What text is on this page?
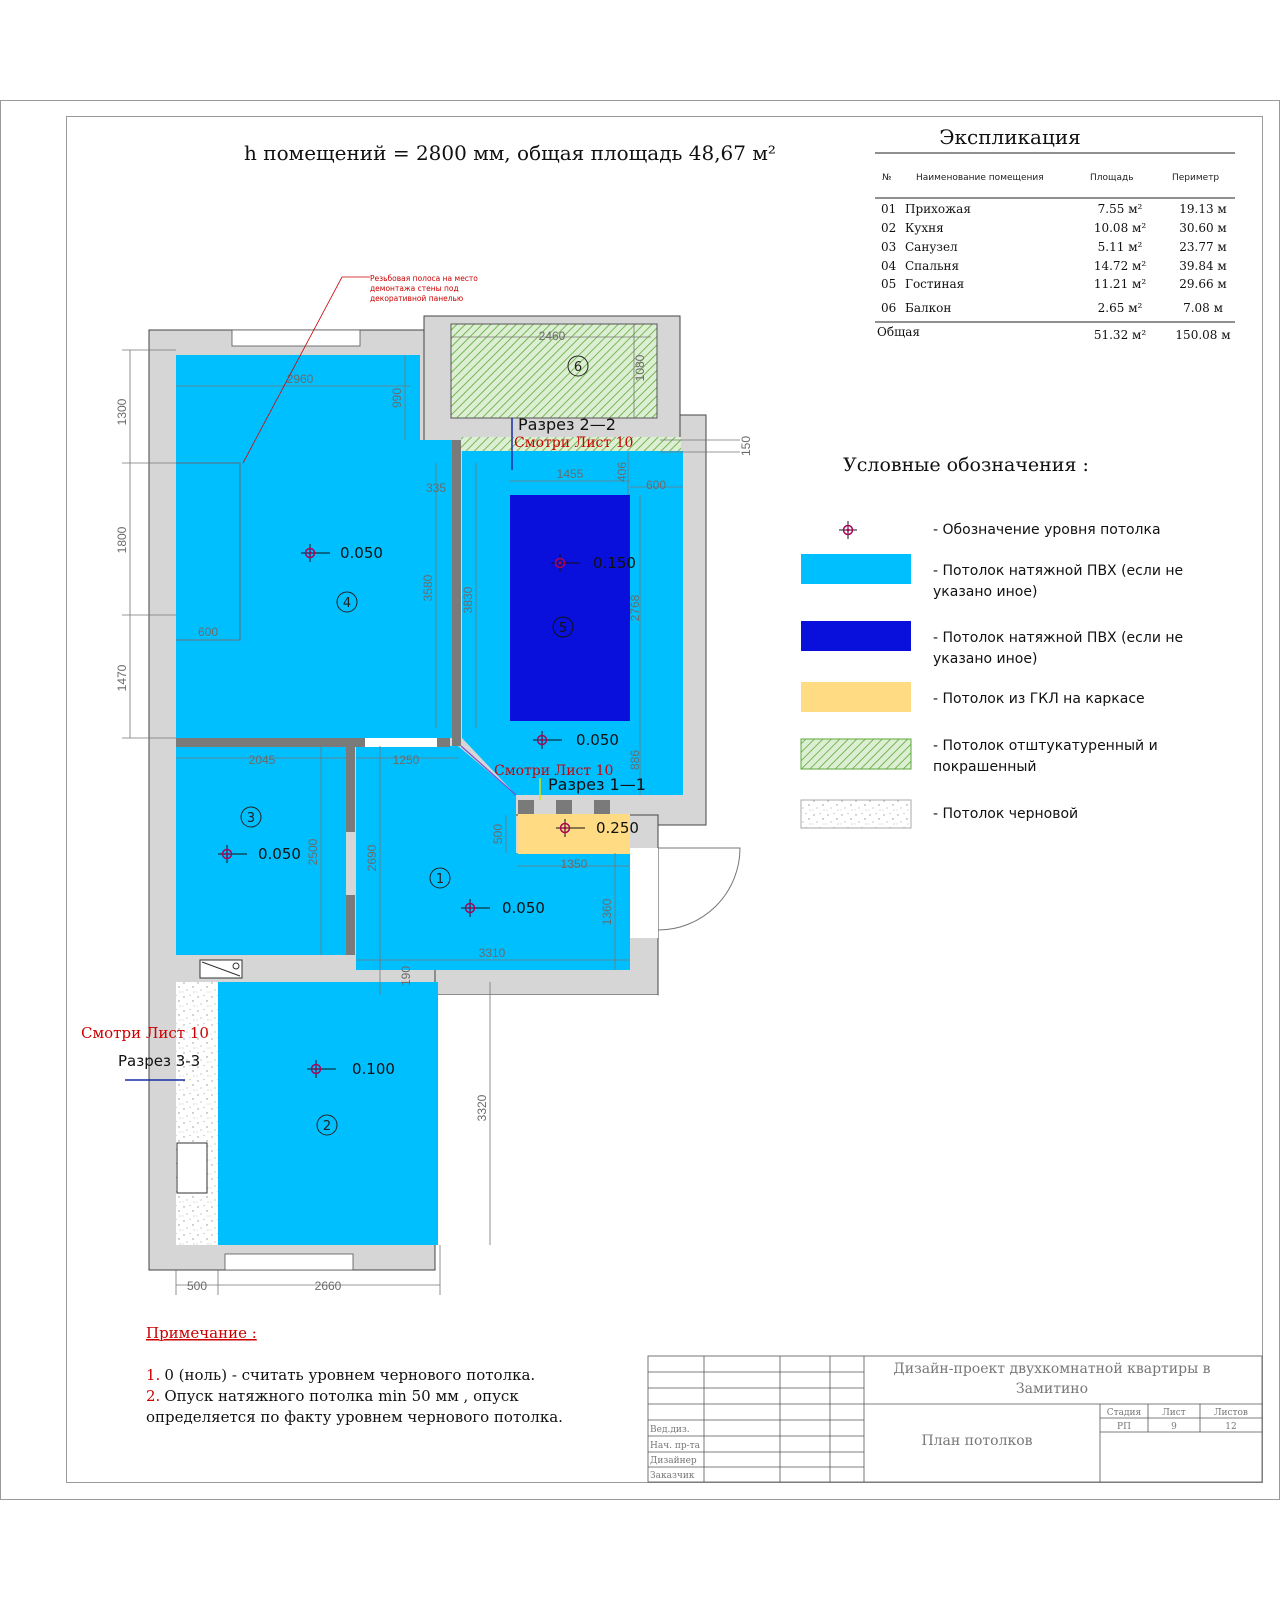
h помещений = 2800 мм, общая площадь 48,67 м²
1300
1800
1470
2960
990
335
3580
600
2460
1080
150
1455	406
600
3830	2768
886
2045	1250
2500	2690
500
1350
1360
3310
190
3320
500	2660
0.050
0.150
0.050
0.250
0.050
0.050
0.100
1
2
3
4
5
6
Разрез 2—2
Смотри Лист 10
Смотри Лист 10
Разрез 1—1
Смотри Лист 10
Разрез 3-3
Резьбовая полоса на место
демонтажа стены под
декоративной панелью
Экспликация
№	Наименование помещения	Площадь	Периметр
01 Прихожая	7.55 м²	19.13 м
02 Кухня	10.08 м²	30.60 м
03 Санузел	5.11 м²	23.77 м
04 Спальня	14.72 м²	39.84 м
05 Гостиная	11.21 м²	29.66 м
06 Балкон	2.65 м²	7.08 м
Общая	51.32 м² 150.08 м
Условные обозначения :
- Обозначение уровня потолка
- Потолок натяжной ПВХ (если не
указано иное)
- Потолок натяжной ПВХ (если не
указано иное)
- Потолок из ГКЛ на каркасе
- Потолок отштукатуренный и
покрашенный
- Потолок черновой
Примечание :
1. 0 (ноль) - считать уровнем чернового потолка.
2. Опуск натяжного потолка min 50 мм , опуск
определяется по факту уровнем чернового потолка.
Дизайн-проект двухкомнатной квартиры в
Замитино
План потолков
Стадия Лист	Листов
РП	9	12
Вед.диз.
Нач. пр-та
Дизайнер
Заказчик
